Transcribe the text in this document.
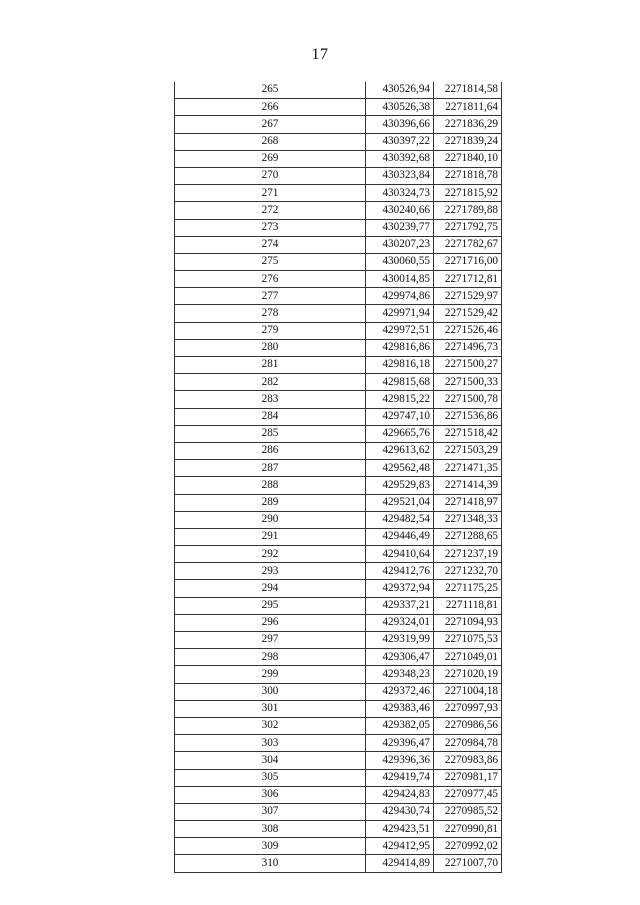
17
265	430526,94	2271814,58
266	430526,38	2271811,64
267	430396,66	2271836,29
268	430397,22	2271839,24
269	430392,68	2271840,10
270	430323,84	2271818,78
271	430324,73	2271815,92
272	430240,66	2271789,88
273	430239,77	2271792,75
274	430207,23	2271782,67
275	430060,55	2271716,00
276	430014,85	2271712,81
277	429974,86	2271529,97
278	429971,94	2271529,42
279	429972,51	2271526,46
280	429816,86	2271496,73
281	429816,18	2271500,27
282	429815,68	2271500,33
283	429815,22	2271500,78
284	429747,10	2271536,86
285	429665,76	2271518,42
286	429613,62	2271503,29
287	429562,48	2271471,35
288	429529,83	2271414,39
289	429521,04	2271418,97
290	429482,54	2271348,33
291	429446,49	2271288,65
292	429410,64	2271237,19
293	429412,76	2271232,70
294	429372,94	2271175,25
295	429337,21	2271118,81
296	429324,01	2271094,93
297	429319,99	2271075,53
298	429306,47	2271049,01
299	429348,23	2271020,19
300	429372,46	2271004,18
301	429383,46	2270997,93
302	429382,05	2270986,56
303	429396,47	2270984,78
304	429396,36	2270983,86
305	429419,74	2270981,17
306	429424,83	2270977,45
307	429430,74	2270985,52
308	429423,51	2270990,81
309	429412,95	2270992,02
310	429414,89	2271007,70
